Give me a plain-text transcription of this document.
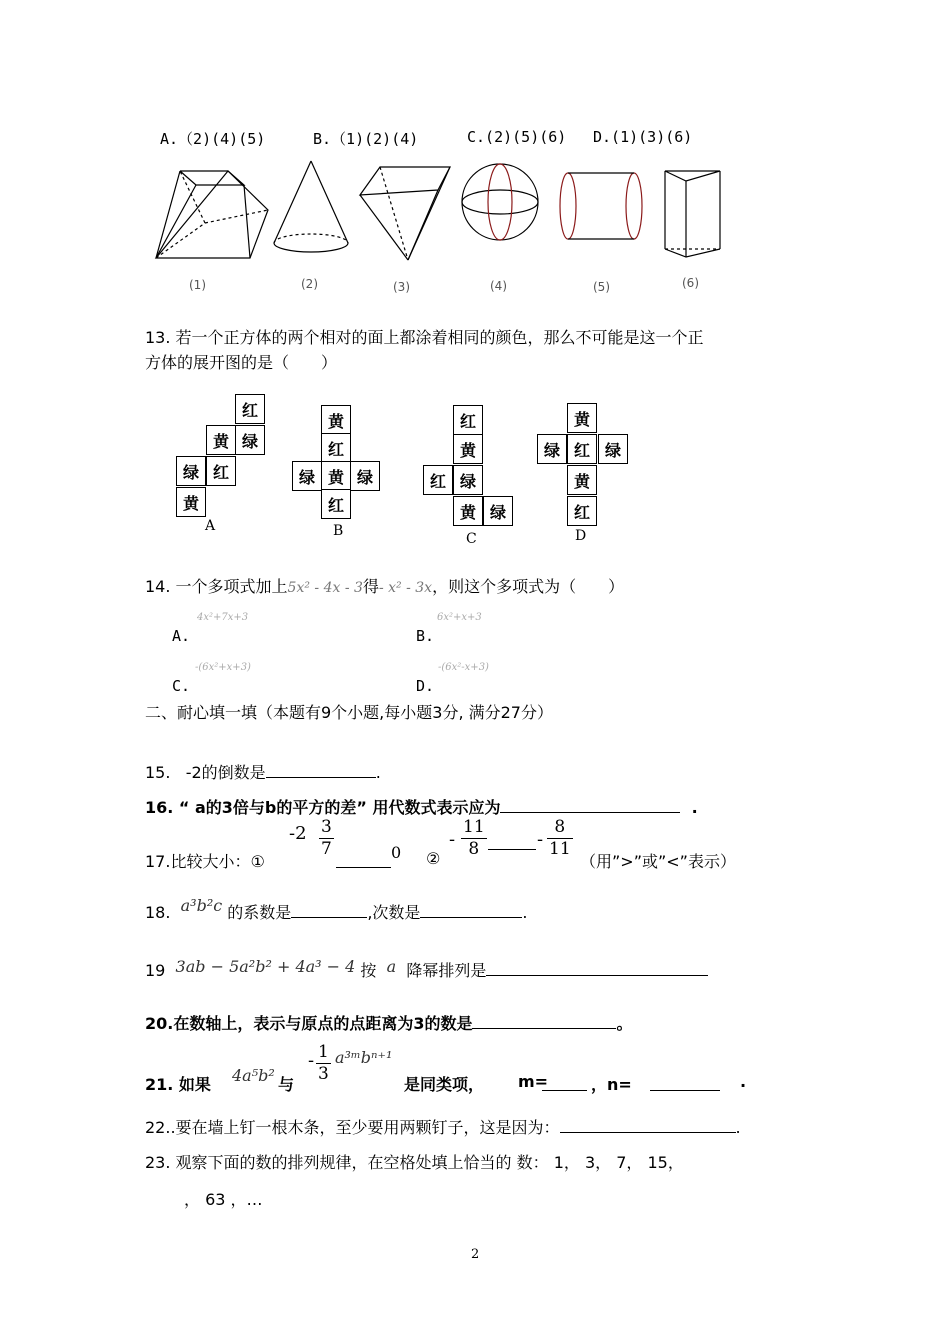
A.（2)(4)(5)	B.（1)(2)(4)	C.(2)(5)(6) D.(1)(3)(6)
(1)	(2)	(3)	(4)	(5)	(6)
13. 若一个正方体的两个相对的面上都涂着相同的颜色，那么不可能是这一个正
方体的展开图的是（　　）
红
绿
黄
红
绿
黄
黄
红
绿 黄 绿
红
红
黄
绿
红
黄 绿
黄
绿 红 绿
黄
红
A	B	C	D
14. 一个多项式加上5x² - 4x - 3得- x² - 3x，则这个多项式为（　　）
A.
4x²+7x+3
B.
6x²+x+3
C.
-(6x²+x+3)
D.
-(6x²-x+3)
二、耐心填一填（本题有9个小题,每小题3分, 满分27分）
15. -2的倒数是	.
16. “ a的3倍与b的平方的差” 用代数式表示应为	.
17.比较大小：①
$-2 \frac{3}{7}$	0 ②
- $\frac{11}{8}$	- $\frac{8}{11}$
（用”>”或”<”表示）
18. a³b²c 的系数是	,次数是	.
19 3ab − 5a²b² + 4a³ − 4 按 a 降幂排列是
20.在数轴上，表示与原点的点距离为3的数是	。
21. 如果 4a⁵b² 与
- $\frac{1}{3}$ a³ᵐbⁿ⁺¹
是同类项， m=	，n=	.
22..要在墙上钉一根木条，至少要用两颗钉子，这是因为：	.
23. 观察下面的数的排列规律，在空格处填上恰当的 数： 1， 3， 7， 15，
， 63 ，…
2
